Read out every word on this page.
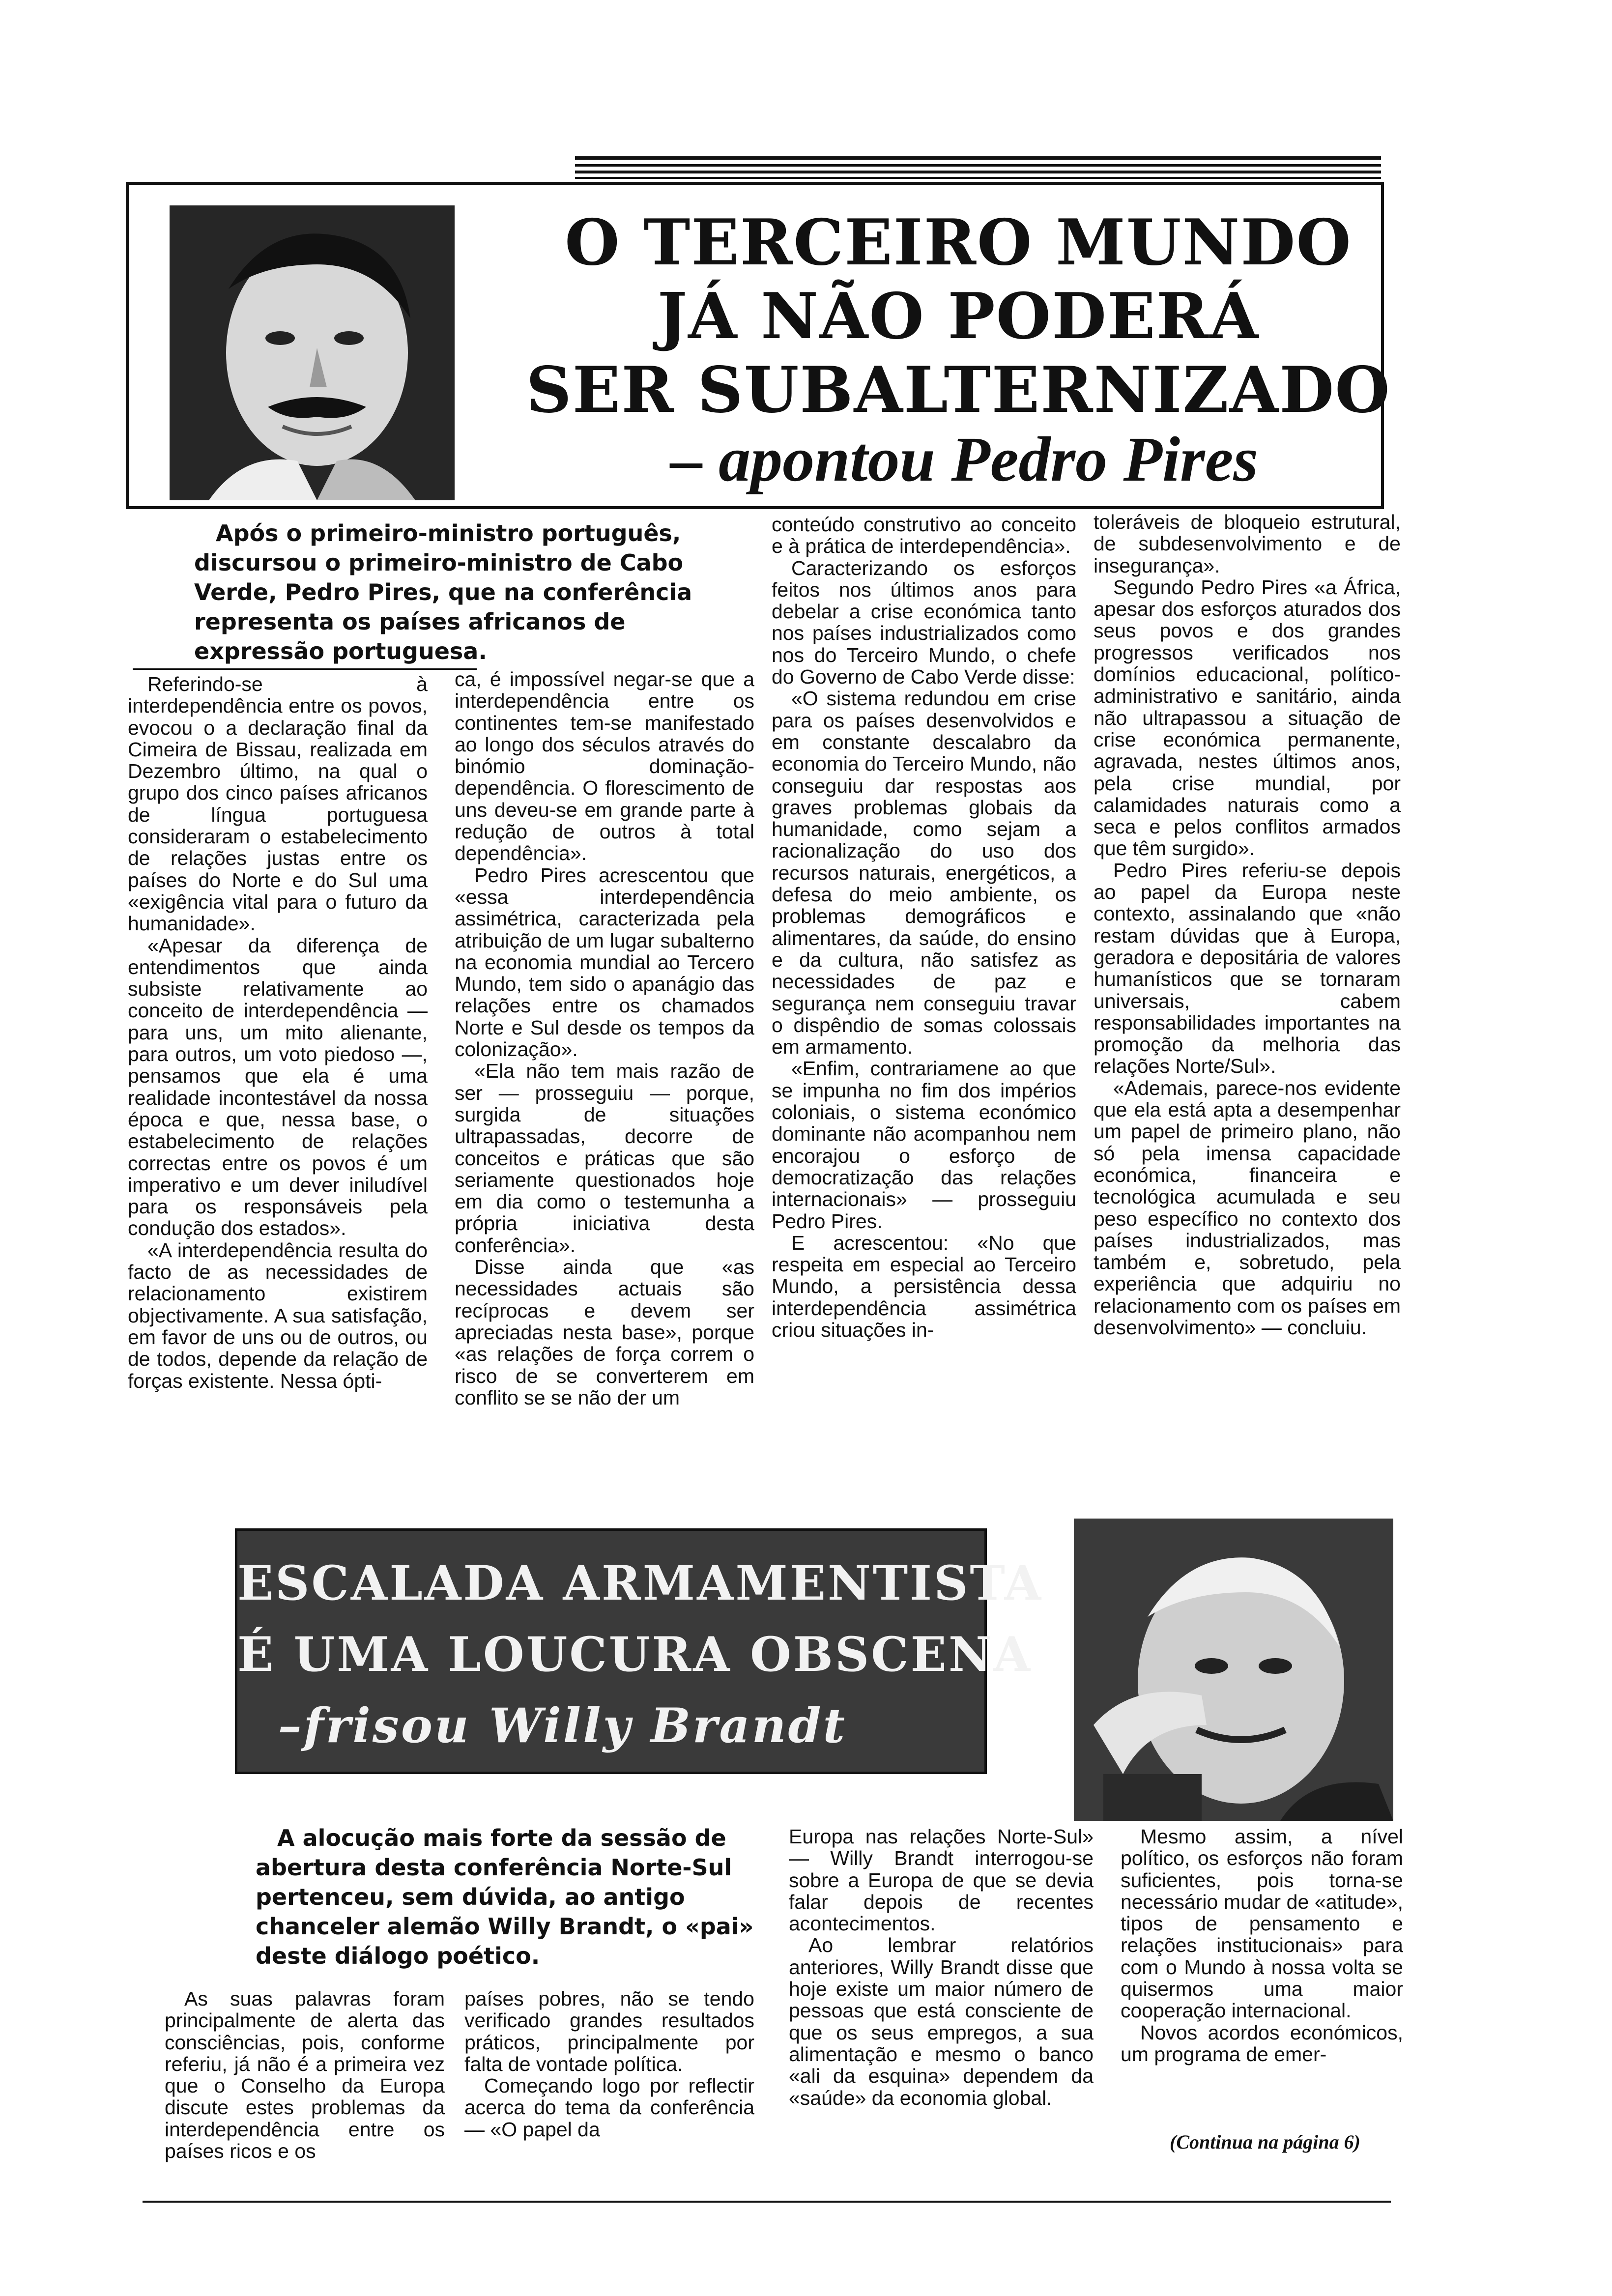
O TERCEIRO MUNDO
JÁ NÃO PODERÁ
SER SUBALTERNIZADO
– apontou Pedro Pires

Após o primeiro-ministro português, discursou o primeiro-ministro de Cabo Verde, Pedro Pires, que na conferência representa os países africanos de expressão portuguesa.

Referindo-se à interdependência entre os povos, evocou o a declaração final da Cimeira de Bissau, realizada em Dezembro último, na qual o grupo dos cinco países africanos de língua portuguesa consideraram o estabelecimento de relações justas entre os países do Norte e do Sul uma «exigência vital para o futuro da humanidade».

«Apesar da diferença de entendimentos que ainda subsiste relativamente ao conceito de interdependência — para uns, um mito alienante, para outros, um voto piedoso —, pensamos que ela é uma realidade incontestável da nossa época e que, nessa base, o estabelecimento de relações correctas entre os povos é um imperativo e um dever iniludível para os responsáveis pela condução dos estados».

«A interdependência resulta do facto de as necessidades de relacionamento existirem objectivamente. A sua satisfação, em favor de uns ou de outros, ou de todos, depende da relação de forças existente. Nessa ópti-

ca, é impossível negar-se que a interdependência entre os continentes tem-se manifestado ao longo dos séculos através do binómio dominação-dependência. O florescimento de uns deveu-se em grande parte à redução de outros à total dependência».

Pedro Pires acrescentou que «essa interdependência assimétrica, caracterizada pela atribuição de um lugar subalterno na economia mundial ao Tercero Mundo, tem sido o apanágio das relações entre os chamados Norte e Sul desde os tempos da colonização».

«Ela não tem mais razão de ser — prosseguiu — porque, surgida de situações ultrapassadas, decorre de conceitos e práticas que são seriamente questionados hoje em dia como o testemunha a própria iniciativa desta conferência».

Disse ainda que «as necessidades actuais são recíprocas e devem ser apreciadas nesta base», porque «as relações de força correm o risco de se converterem em conflito se se não der um

conteúdo construtivo ao conceito e à prática de interdependência».

Caracterizando os esforços feitos nos últimos anos para debelar a crise económica tanto nos países industrializados como nos do Terceiro Mundo, o chefe do Governo de Cabo Verde disse:

«O sistema redundou em crise para os países desenvolvidos e em constante descalabro da economia do Terceiro Mundo, não conseguiu dar respostas aos graves problemas globais da humanidade, como sejam a racionalização do uso dos recursos naturais, energéticos, a defesa do meio ambiente, os problemas demográficos e alimentares, da saúde, do ensino e da cultura, não satisfez as necessidades de paz e segurança nem conseguiu travar o dispêndio de somas colossais em armamento.

«Enfim, contrariamene ao que se impunha no fim dos impérios coloniais, o sistema económico dominante não acompanhou nem encorajou o esforço de democratização das relações internacionais» — prosseguiu Pedro Pires.

E acrescentou: «No que respeita em especial ao Terceiro Mundo, a persistência dessa interdependência assimétrica criou situações in-

toleráveis de bloqueio estrutural, de subdesenvolvimento e de insegurança».

Segundo Pedro Pires «a África, apesar dos esforços aturados dos seus povos e dos grandes progressos verificados nos domínios educacional, político-administrativo e sanitário, ainda não ultrapassou a situação de crise económica permanente, agravada, nestes últimos anos, pela crise mundial, por calamidades naturais como a seca e pelos conflitos armados que têm surgido».

Pedro Pires referiu-se depois ao papel da Europa neste contexto, assinalando que «não restam dúvidas que à Europa, geradora e depositária de valores humanísticos que se tornaram universais, cabem responsabilidades importantes na promoção da melhoria das relações Norte/Sul».

«Ademais, parece-nos evidente que ela está apta a desempenhar um papel de primeiro plano, não só pela imensa capacidade económica, financeira e tecnológica acumulada e seu peso específico no contexto dos países industrializados, mas também e, sobretudo, pela experiência que adquiriu no relacionamento com os países em desenvolvimento» — concluiu.

ESCALADA ARMAMENTISTA
É UMA LOUCURA OBSCENA
–frisou Willy Brandt

A alocução mais forte da sessão de abertura desta conferência Norte-Sul pertenceu, sem dúvida, ao antigo chanceler alemão Willy Brandt, o «pai» deste diálogo poético.

As suas palavras foram principalmente de alerta das consciências, pois, conforme referiu, já não é a primeira vez que o Conselho da Europa discute estes problemas da interdependência entre os países ricos e os

países pobres, não se tendo verificado grandes resultados práticos, principalmente por falta de vontade política.

Começando logo por reflectir acerca do tema da conferência — «O papel da

Europa nas relações Norte-Sul» — Willy Brandt interrogou-se sobre a Europa de que se devia falar depois de recentes acontecimentos.

Ao lembrar relatórios anteriores, Willy Brandt disse que hoje existe um maior número de pessoas que está consciente de que os seus empregos, a sua alimentação e mesmo o banco «ali da esquina» dependem da «saúde» da economia global.

Mesmo assim, a nível político, os esforços não foram suficientes, pois torna-se necessário mudar de «atitude», tipos de pensamento e relações institucionais» para com o Mundo à nossa volta se quisermos uma maior cooperação internacional.

Novos acordos económicos, um programa de emer-

(Continua na página 6)
